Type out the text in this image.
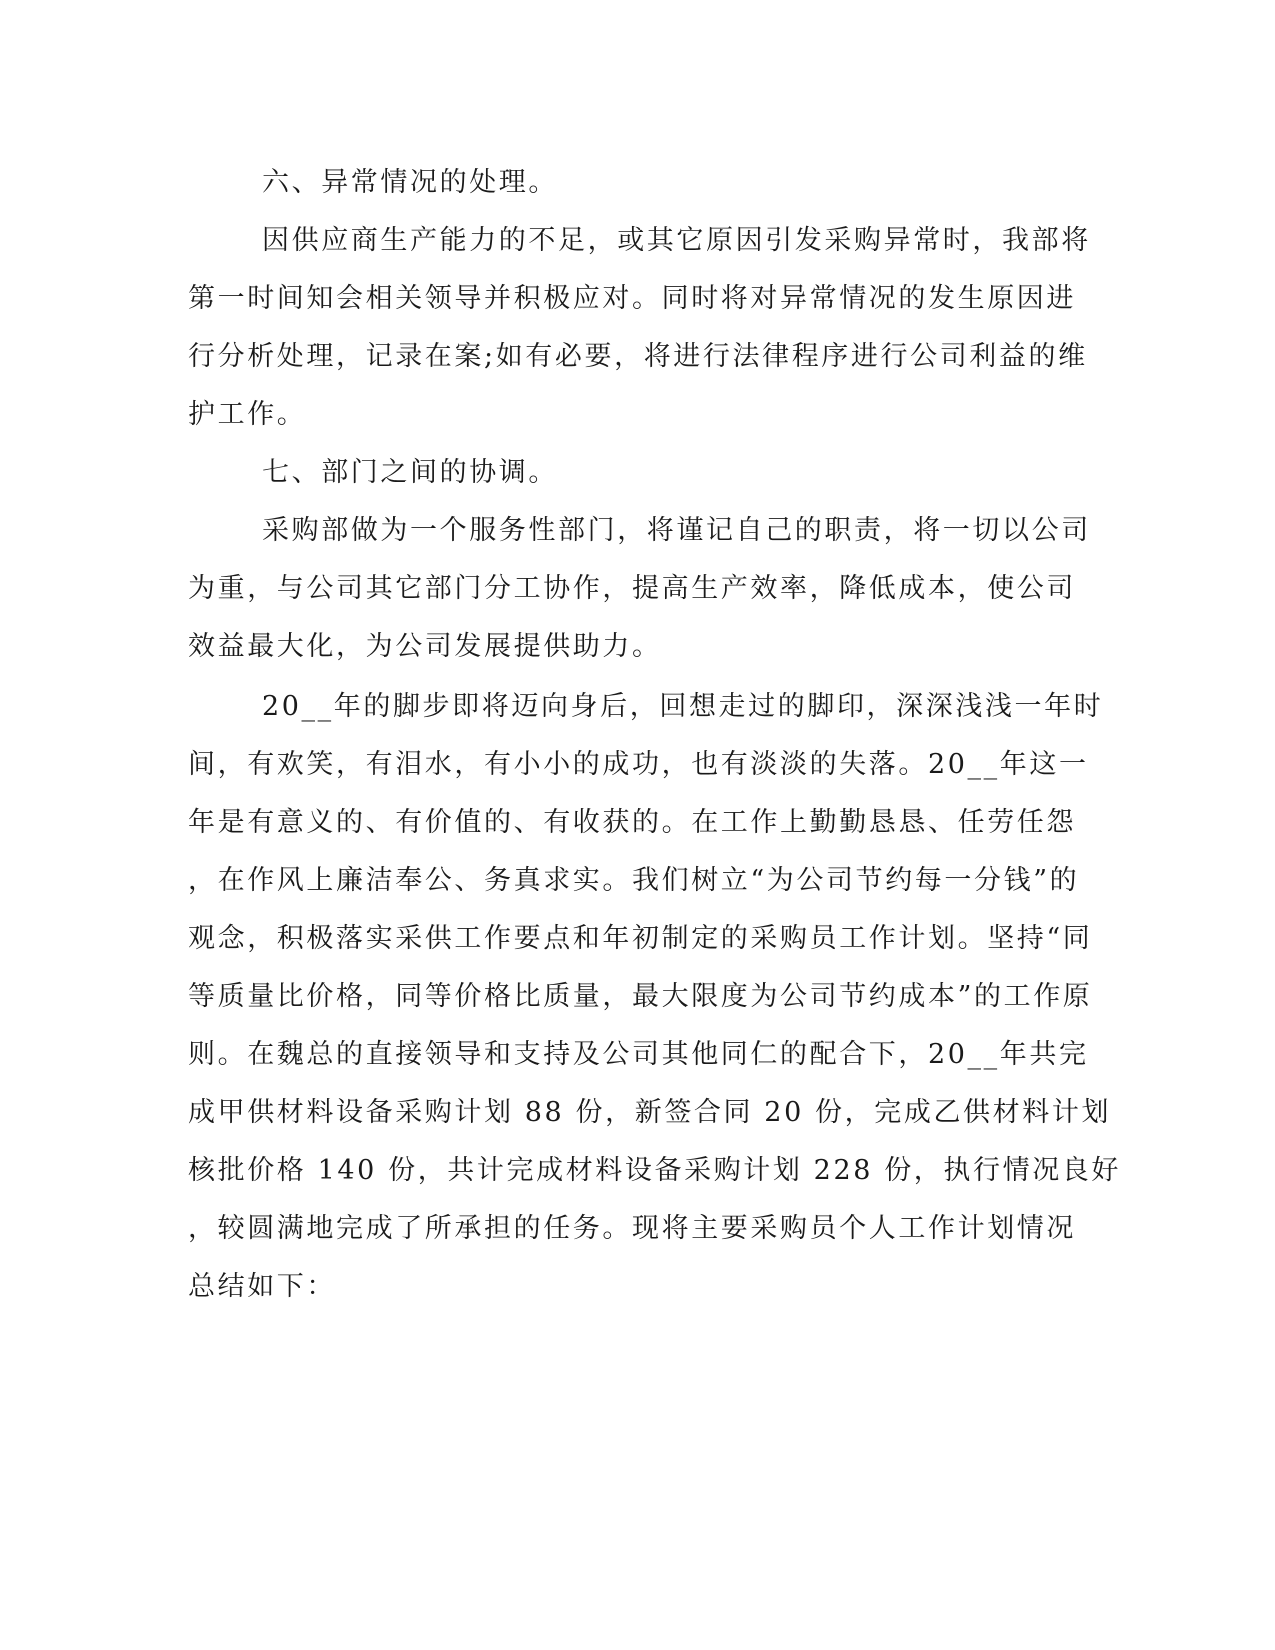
六、异常情况的处理。
因供应商生产能力的不足，或其它原因引发采购异常时，我部将
第一时间知会相关领导并积极应对。同时将对异常情况的发生原因进
行分析处理，记录在案;如有必要，将进行法律程序进行公司利益的维
护工作。
七、部门之间的协调。
采购部做为一个服务性部门，将谨记自己的职责，将一切以公司
为重，与公司其它部门分工协作，提高生产效率，降低成本，使公司
效益最大化，为公司发展提供助力。
20__年的脚步即将迈向身后，回想走过的脚印，深深浅浅一年时
间，有欢笑，有泪水，有小小的成功，也有淡淡的失落。20__年这一
年是有意义的、有价值的、有收获的。在工作上勤勤恳恳、任劳任怨
，在作风上廉洁奉公、务真求实。我们树立“为公司节约每一分钱”的
观念，积极落实采供工作要点和年初制定的采购员工作计划。坚持“同
等质量比价格，同等价格比质量，最大限度为公司节约成本”的工作原
则。在魏总的直接领导和支持及公司其他同仁的配合下，20__年共完
成甲供材料设备采购计划 88 份，新签合同 20 份，完成乙供材料计划
核批价格 140 份，共计完成材料设备采购计划 228 份，执行情况良好
，较圆满地完成了所承担的任务。现将主要采购员个人工作计划情况
总结如下：
